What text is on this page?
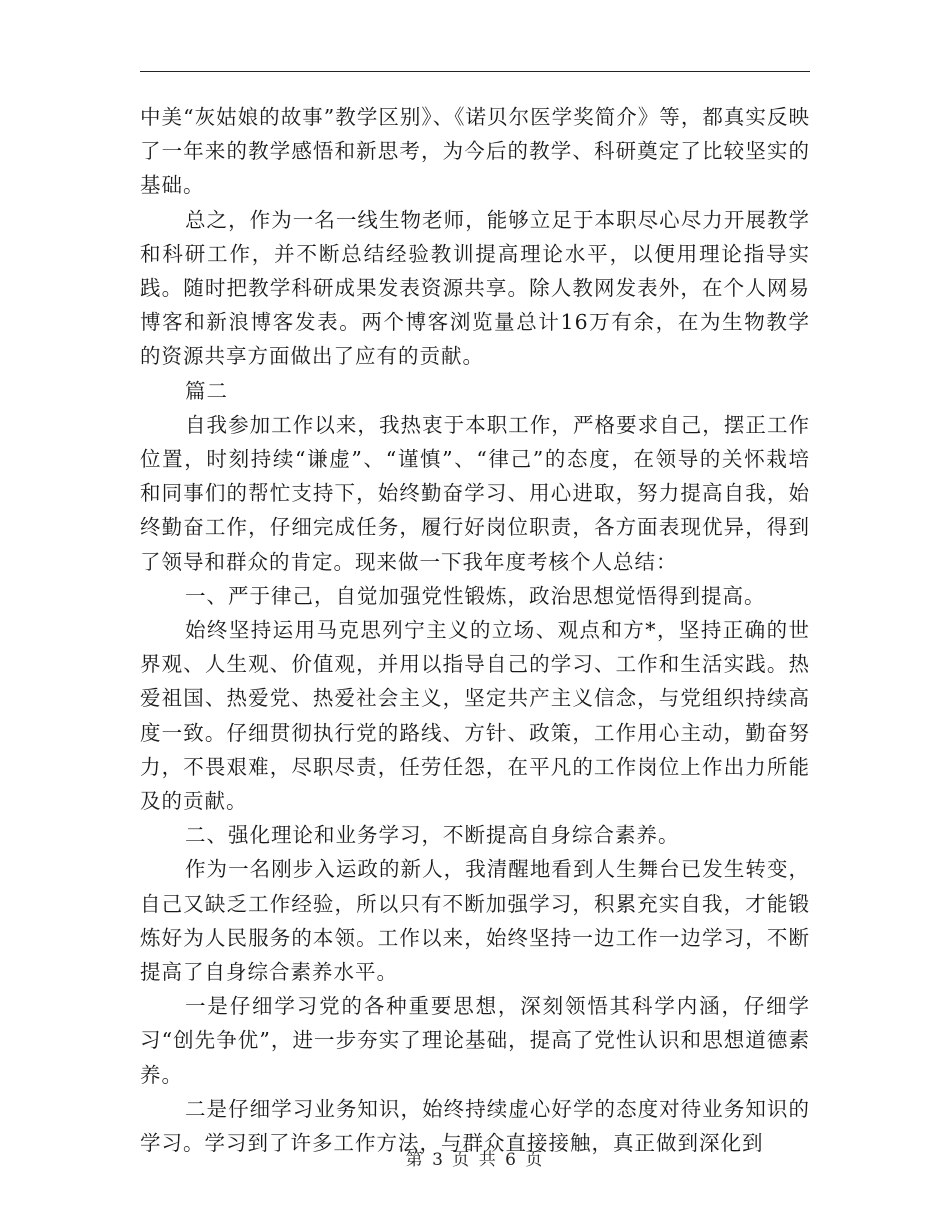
中美“灰姑娘的故事”教学区别》、《诺贝尔医学奖简介》等，都真实反映了一年来的教学感悟和新思考，为今后的教学、科研奠定了比较坚实的基础。

总之，作为一名一线生物老师，能够立足于本职尽心尽力开展教学和科研工作，并不断总结经验教训提高理论水平，以便用理论指导实践。随时把教学科研成果发表资源共享。除人教网发表外，在个人网易博客和新浪博客发表。两个博客浏览量总计16万有余，在为生物教学的资源共享方面做出了应有的贡献。

篇二

自我参加工作以来，我热衷于本职工作，严格要求自己，摆正工作位置，时刻持续“谦虚”、“谨慎”、“律己”的态度，在领导的关怀栽培和同事们的帮忙支持下，始终勤奋学习、用心进取，努力提高自我，始终勤奋工作，仔细完成任务，履行好岗位职责，各方面表现优异，得到了领导和群众的肯定。现来做一下我年度考核个人总结：

一、严于律己，自觉加强党性锻炼，政治思想觉悟得到提高。

始终坚持运用马克思列宁主义的立场、观点和方*，坚持正确的世界观、人生观、价值观，并用以指导自己的学习、工作和生活实践。热爱祖国、热爱党、热爱社会主义，坚定共产主义信念，与党组织持续高度一致。仔细贯彻执行党的路线、方针、政策，工作用心主动，勤奋努力，不畏艰难，尽职尽责，任劳任怨，在平凡的工作岗位上作出力所能及的贡献。

二、强化理论和业务学习，不断提高自身综合素养。

作为一名刚步入运政的新人，我清醒地看到人生舞台已发生转变，自己又缺乏工作经验，所以只有不断加强学习，积累充实自我，才能锻炼好为人民服务的本领。工作以来，始终坚持一边工作一边学习，不断提高了自身综合素养水平。

一是仔细学习党的各种重要思想，深刻领悟其科学内涵，仔细学习“创先争优”，进一步夯实了理论基础，提高了党性认识和思想道德素养。

二是仔细学习业务知识，始终持续虚心好学的态度对待业务知识的学习。学习到了许多工作方法，与群众直接接触，真正做到深化到

第 3 页 共 6 页
